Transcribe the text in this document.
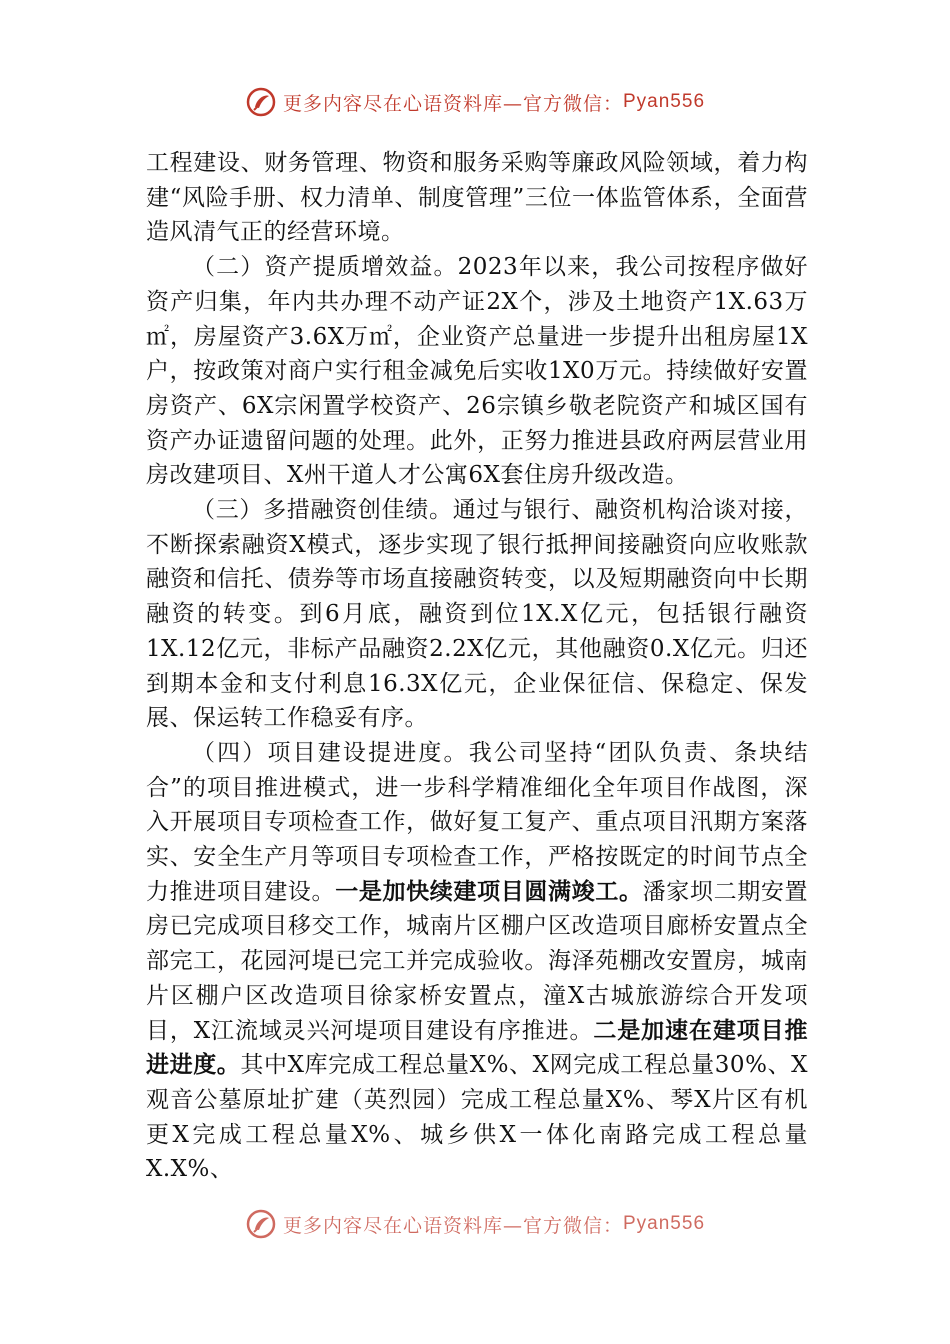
更多内容尽在心语资料库—官方微信： Pyan556

工程建设、财务管理、物资和服务采购等廉政风险领域，着力构建“风险手册、权力清单、制度管理”三位一体监管体系，全面营造风清气正的经营环境。

（二）资产提质增效益。2023年以来，我公司按程序做好资产归集，年内共办理不动产证2X个，涉及土地资产1X.63万㎡，房屋资产3.6X万㎡，企业资产总量进一步提升出租房屋1X户，按政策对商户实行租金减免后实收1X0万元。持续做好安置房资产、6X宗闲置学校资产、26宗镇乡敬老院资产和城区国有资产办证遗留问题的处理。此外，正努力推进县政府两层营业用房改建项目、X州干道人才公寓6X套住房升级改造。

（三）多措融资创佳绩。通过与银行、融资机构洽谈对接，不断探索融资X模式，逐步实现了银行抵押间接融资向应收账款融资和信托、债券等市场直接融资转变，以及短期融资向中长期融资的转变。到6月底，融资到位1X.X亿元，包括银行融资1X.12亿元，非标产品融资2.2X亿元，其他融资0.X亿元。归还到期本金和支付利息16.3X亿元，企业保征信、保稳定、保发展、保运转工作稳妥有序。

（四）项目建设提进度。我公司坚持“团队负责、条块结合”的项目推进模式，进一步科学精准细化全年项目作战图，深入开展项目专项检查工作，做好复工复产、重点项目汛期方案落实、安全生产月等项目专项检查工作，严格按既定的时间节点全力推进项目建设。一是加快续建项目圆满竣工。潘家坝二期安置房已完成项目移交工作，城南片区棚户区改造项目廊桥安置点全部完工，花园河堤已完工并完成验收。海泽苑棚改安置房，城南片区棚户区改造项目徐家桥安置点，潼X古城旅游综合开发项目，X江流域灵兴河堤项目建设有序推进。二是加速在建项目推进进度。其中X库完成工程总量X%、X网完成工程总量30%、X观音公墓原址扩建（英烈园）完成工程总量X%、琴X片区有机更X完成工程总量X%、城乡供X一体化南路完成工程总量X.X%、

更多内容尽在心语资料库—官方微信： Pyan556
